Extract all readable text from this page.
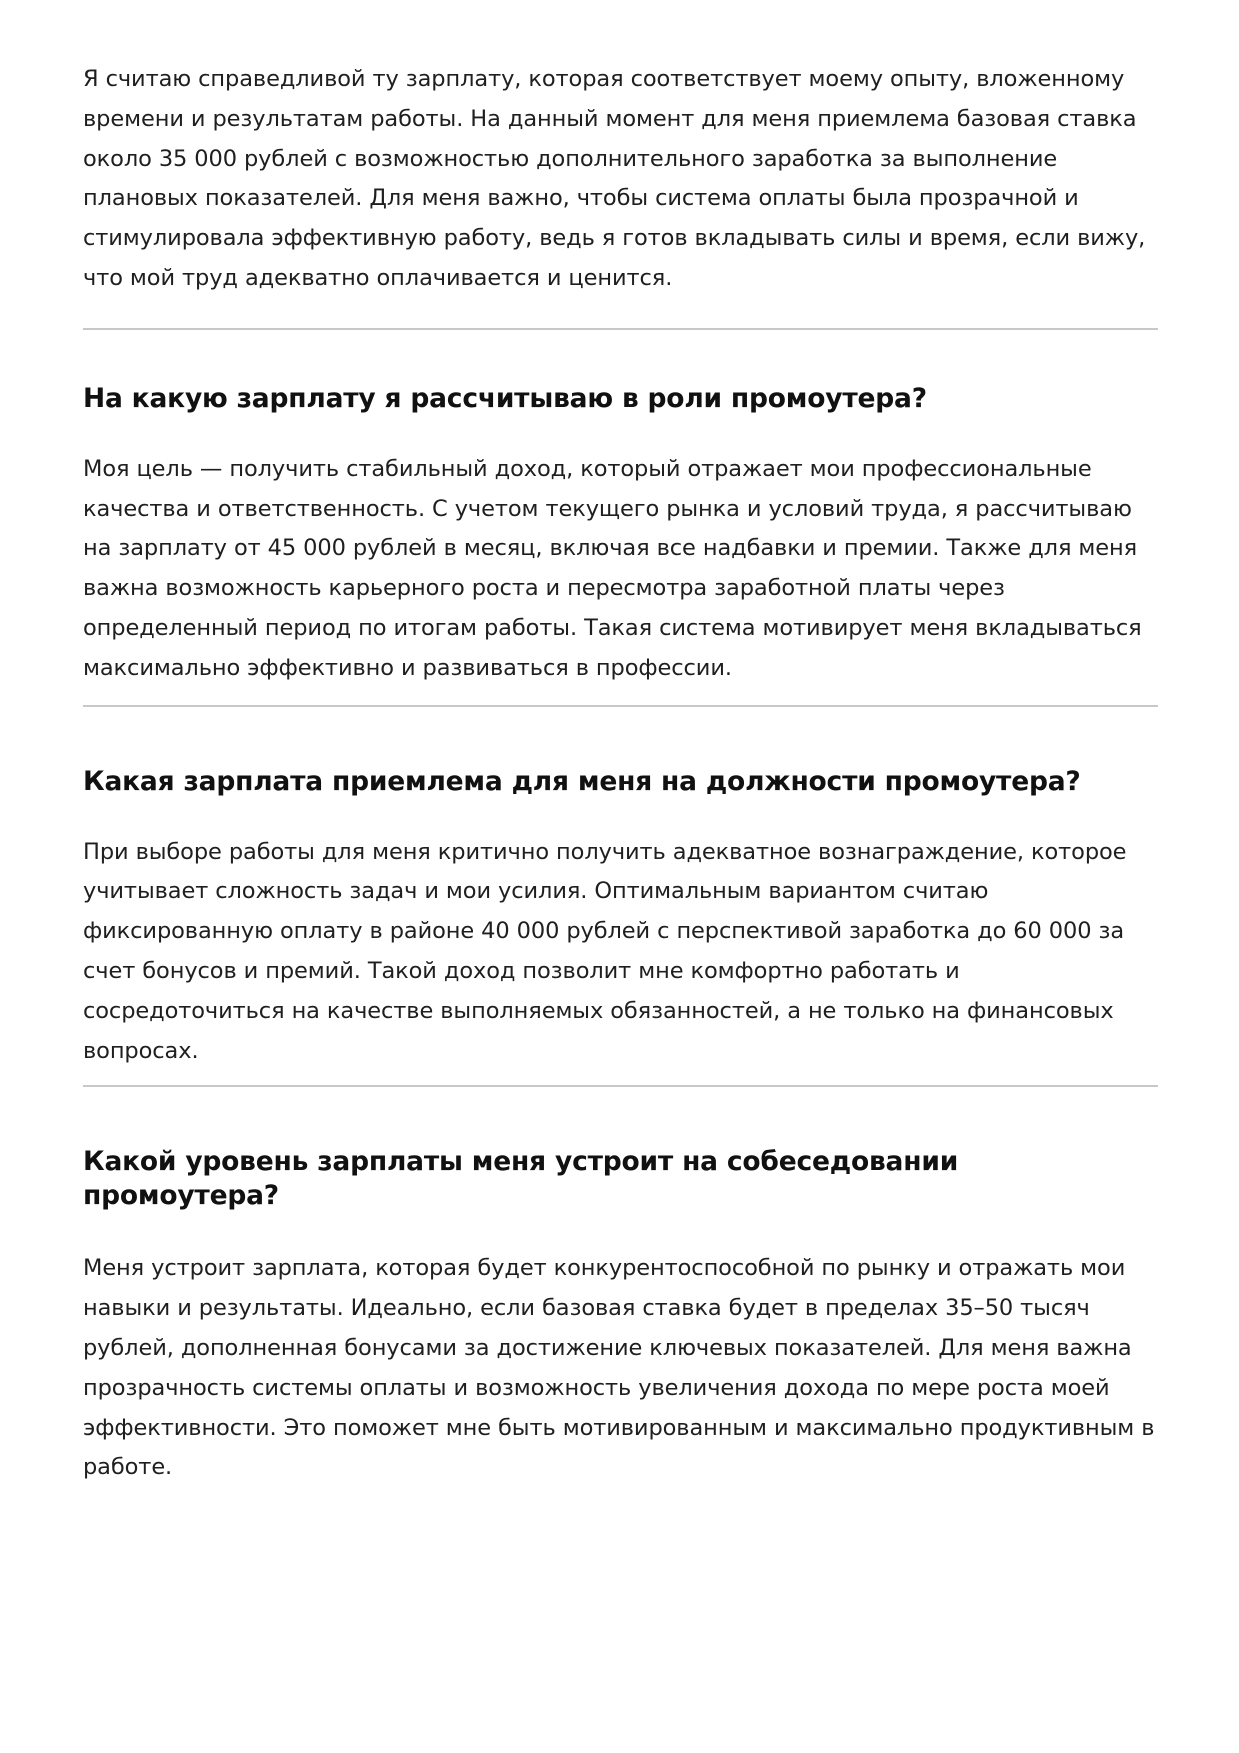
Я считаю справедливой ту зарплату, которая соответствует моему опыту, вложенному времени и результатам работы. На данный момент для меня приемлема базовая ставка около 35 000 рублей с возможностью дополнительного заработка за выполнение плановых показателей. Для меня важно, чтобы система оплаты была прозрачной и стимулировала эффективную работу, ведь я готов вкладывать силы и время, если вижу, что мой труд адекватно оплачивается и ценится.

На какую зарплату я рассчитываю в роли промоутера?

Моя цель — получить стабильный доход, который отражает мои профессиональные качества и ответственность. С учетом текущего рынка и условий труда, я рассчитываю на зарплату от 45 000 рублей в месяц, включая все надбавки и премии. Также для меня важна возможность карьерного роста и пересмотра заработной платы через определенный период по итогам работы. Такая система мотивирует меня вкладываться максимально эффективно и развиваться в профессии.

Какая зарплата приемлема для меня на должности промоутера?

При выборе работы для меня критично получить адекватное вознаграждение, которое учитывает сложность задач и мои усилия. Оптимальным вариантом считаю фиксированную оплату в районе 40 000 рублей с перспективой заработка до 60 000 за счет бонусов и премий. Такой доход позволит мне комфортно работать и сосредоточиться на качестве выполняемых обязанностей, а не только на финансовых вопросах.

Какой уровень зарплаты меня устроит на собеседовании промоутера?

Меня устроит зарплата, которая будет конкурентоспособной по рынку и отражать мои навыки и результаты. Идеально, если базовая ставка будет в пределах 35–50 тысяч рублей, дополненная бонусами за достижение ключевых показателей. Для меня важна прозрачность системы оплаты и возможность увеличения дохода по мере роста моей эффективности. Это поможет мне быть мотивированным и максимально продуктивным в работе.
